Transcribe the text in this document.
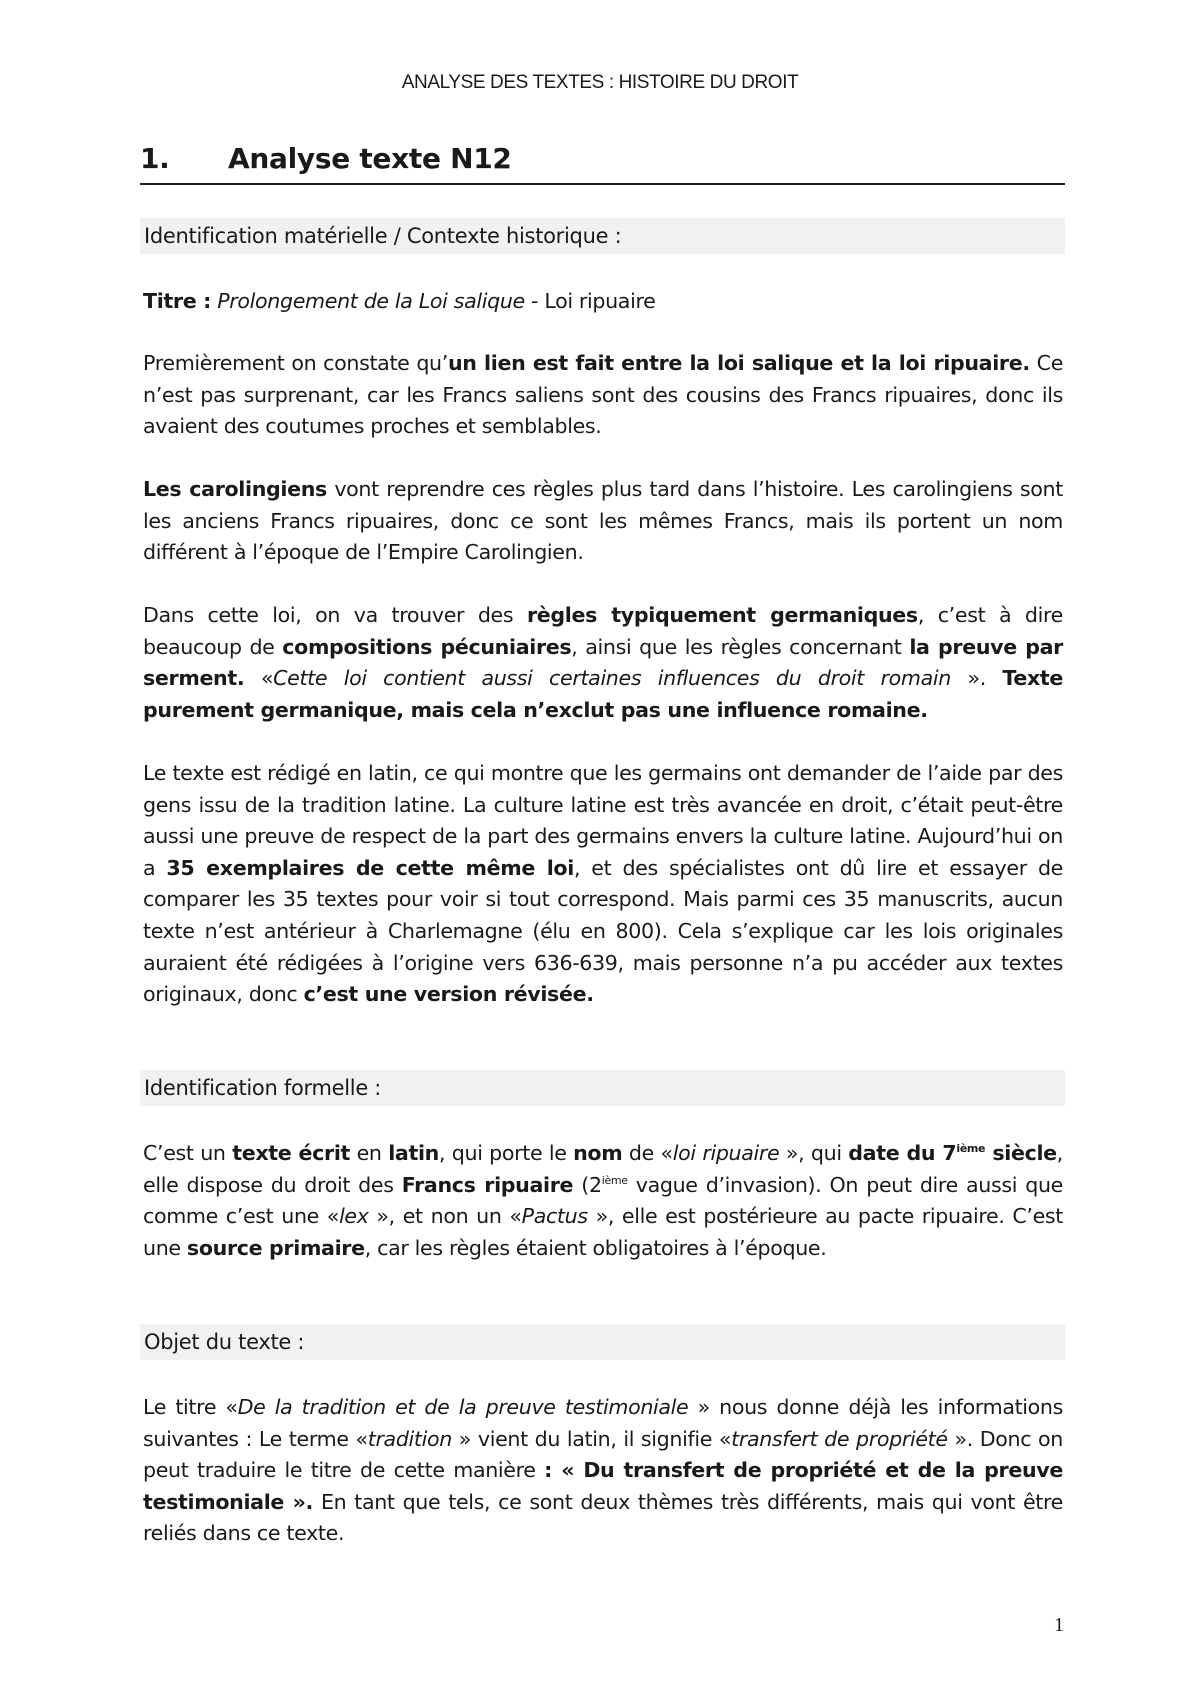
ANALYSE DES TEXTES : HISTOIRE DU DROIT
1. Analyse texte N12
Identification matérielle / Contexte historique :

Titre : Prolongement de la Loi salique - Loi ripuaire

Premièrement on constate qu’un lien est fait entre la loi salique et la loi ripuaire. Ce n’est pas surprenant, car les Francs saliens sont des cousins des Francs ripuaires, donc ils avaient des coutumes proches et semblables.

Les carolingiens vont reprendre ces règles plus tard dans l’histoire. Les carolingiens sont les anciens Francs ripuaires, donc ce sont les mêmes Francs, mais ils portent un nom différent à l’époque de l’Empire Carolingien.

Dans cette loi, on va trouver des règles typiquement germaniques, c’est à dire beaucoup de compositions pécuniaires, ainsi que les règles concernant la preuve par serment. «Cette loi contient aussi certaines influences du droit romain ». Texte purement germanique, mais cela n’exclut pas une influence romaine.

Le texte est rédigé en latin, ce qui montre que les germains ont demander de l’aide par des gens issu de la tradition latine. La culture latine est très avancée en droit, c’était peut-être aussi une preuve de respect de la part des germains envers la culture latine. Aujourd’hui on a 35 exemplaires de cette même loi, et des spécialistes ont dû lire et essayer de comparer les 35 textes pour voir si tout correspond. Mais parmi ces 35 manuscrits, aucun texte n’est antérieur à Charlemagne (élu en 800). Cela s’explique car les lois originales auraient été rédigées à l’origine vers 636-639, mais personne n’a pu accéder aux textes originaux, donc c’est une version révisée.

Identification formelle :

C’est un texte écrit en latin, qui porte le nom de «loi ripuaire », qui date du 7ième siècle, elle dispose du droit des Francs ripuaire (2ième vague d’invasion). On peut dire aussi que comme c’est une «lex », et non un «Pactus », elle est postérieure au pacte ripuaire. C’est une source primaire, car les règles étaient obligatoires à l’époque.

Objet du texte :

Le titre «De la tradition et de la preuve testimoniale » nous donne déjà les informations suivantes : Le terme «tradition » vient du latin, il signifie «transfert de propriété ». Donc on peut traduire le titre de cette manière : « Du transfert de propriété et de la preuve testimoniale ». En tant que tels, ce sont deux thèmes très différents, mais qui vont être reliés dans ce texte.

1
